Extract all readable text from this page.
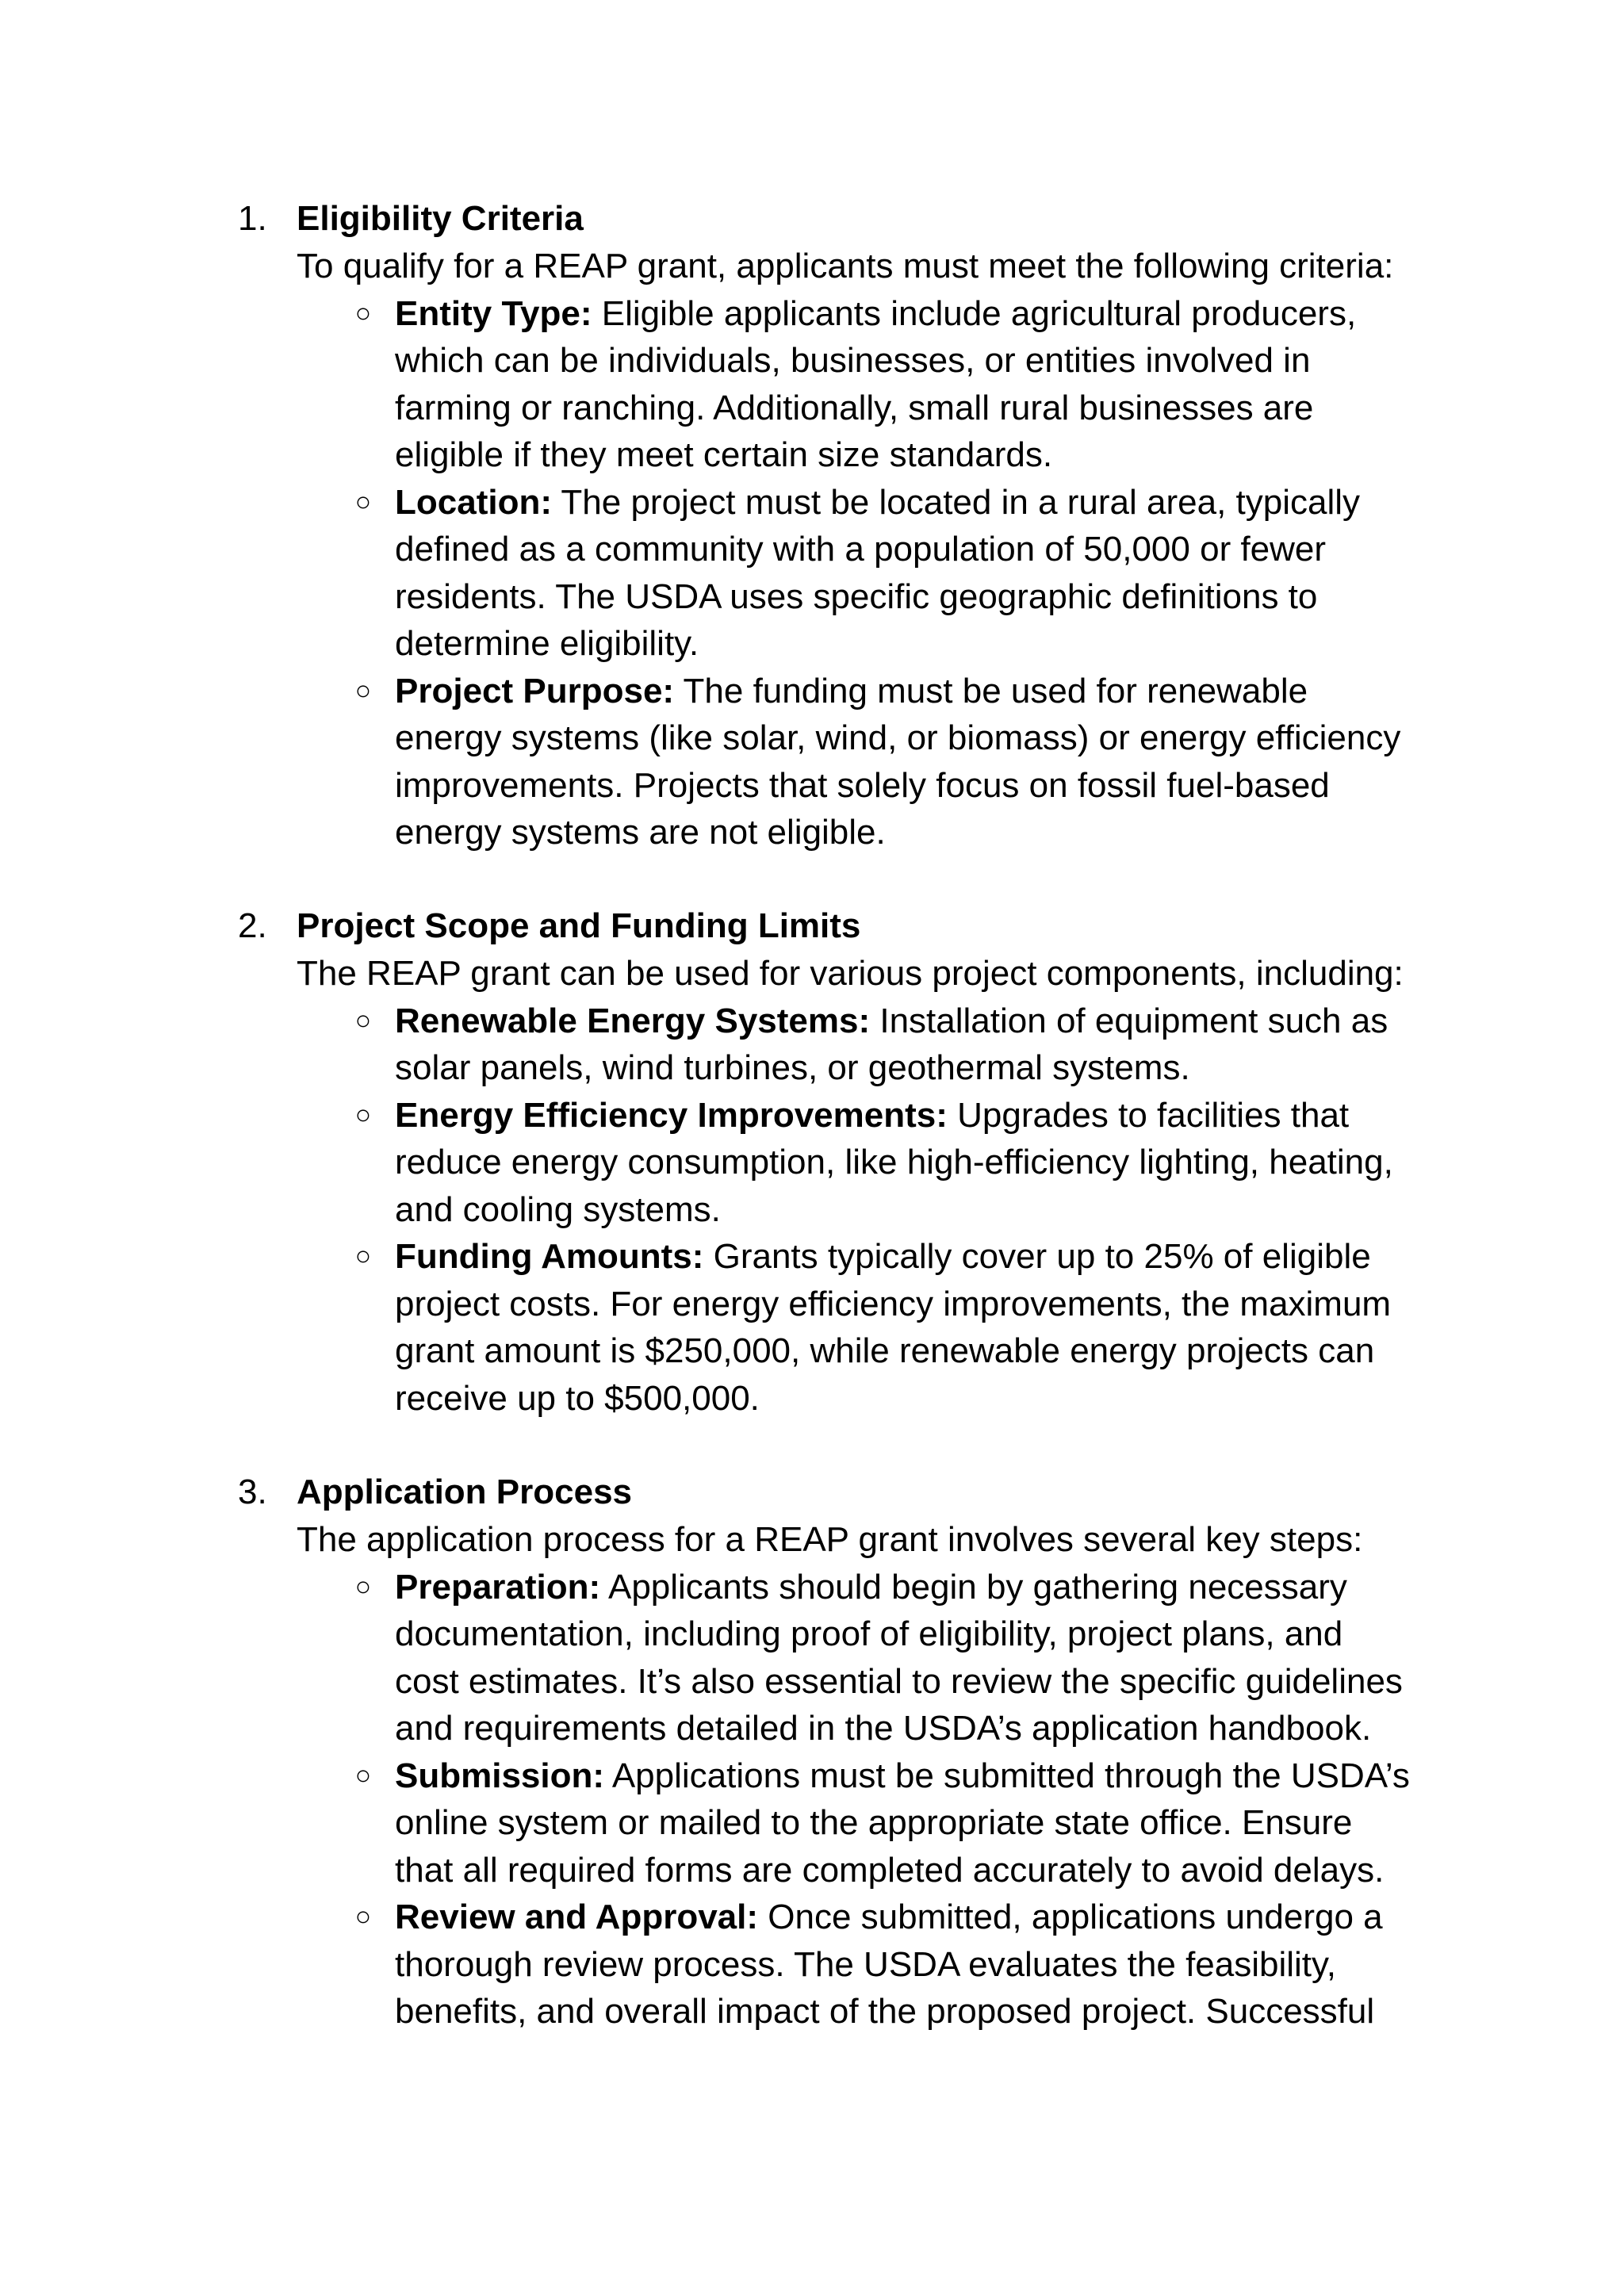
1. Eligibility Criteria
To qualify for a REAP grant, applicants must meet the following criteria:
○ Entity Type: Eligible applicants include agricultural producers,
which can be individuals, businesses, or entities involved in
farming or ranching. Additionally, small rural businesses are
eligible if they meet certain size standards.
○ Location: The project must be located in a rural area, typically
defined as a community with a population of 50,000 or fewer
residents. The USDA uses specific geographic definitions to
determine eligibility.
○ Project Purpose: The funding must be used for renewable
energy systems (like solar, wind, or biomass) or energy efficiency
improvements. Projects that solely focus on fossil fuel-based
energy systems are not eligible.
2. Project Scope and Funding Limits
The REAP grant can be used for various project components, including:
○ Renewable Energy Systems: Installation of equipment such as
solar panels, wind turbines, or geothermal systems.
○ Energy Efficiency Improvements: Upgrades to facilities that
reduce energy consumption, like high-efficiency lighting, heating,
and cooling systems.
○ Funding Amounts: Grants typically cover up to 25% of eligible
project costs. For energy efficiency improvements, the maximum
grant amount is $250,000, while renewable energy projects can
receive up to $500,000.
3. Application Process
The application process for a REAP grant involves several key steps:
○ Preparation: Applicants should begin by gathering necessary
documentation, including proof of eligibility, project plans, and
cost estimates. It’s also essential to review the specific guidelines
and requirements detailed in the USDA’s application handbook.
○ Submission: Applications must be submitted through the USDA’s
online system or mailed to the appropriate state office. Ensure
that all required forms are completed accurately to avoid delays.
○ Review and Approval: Once submitted, applications undergo a
thorough review process. The USDA evaluates the feasibility,
benefits, and overall impact of the proposed project. Successful
